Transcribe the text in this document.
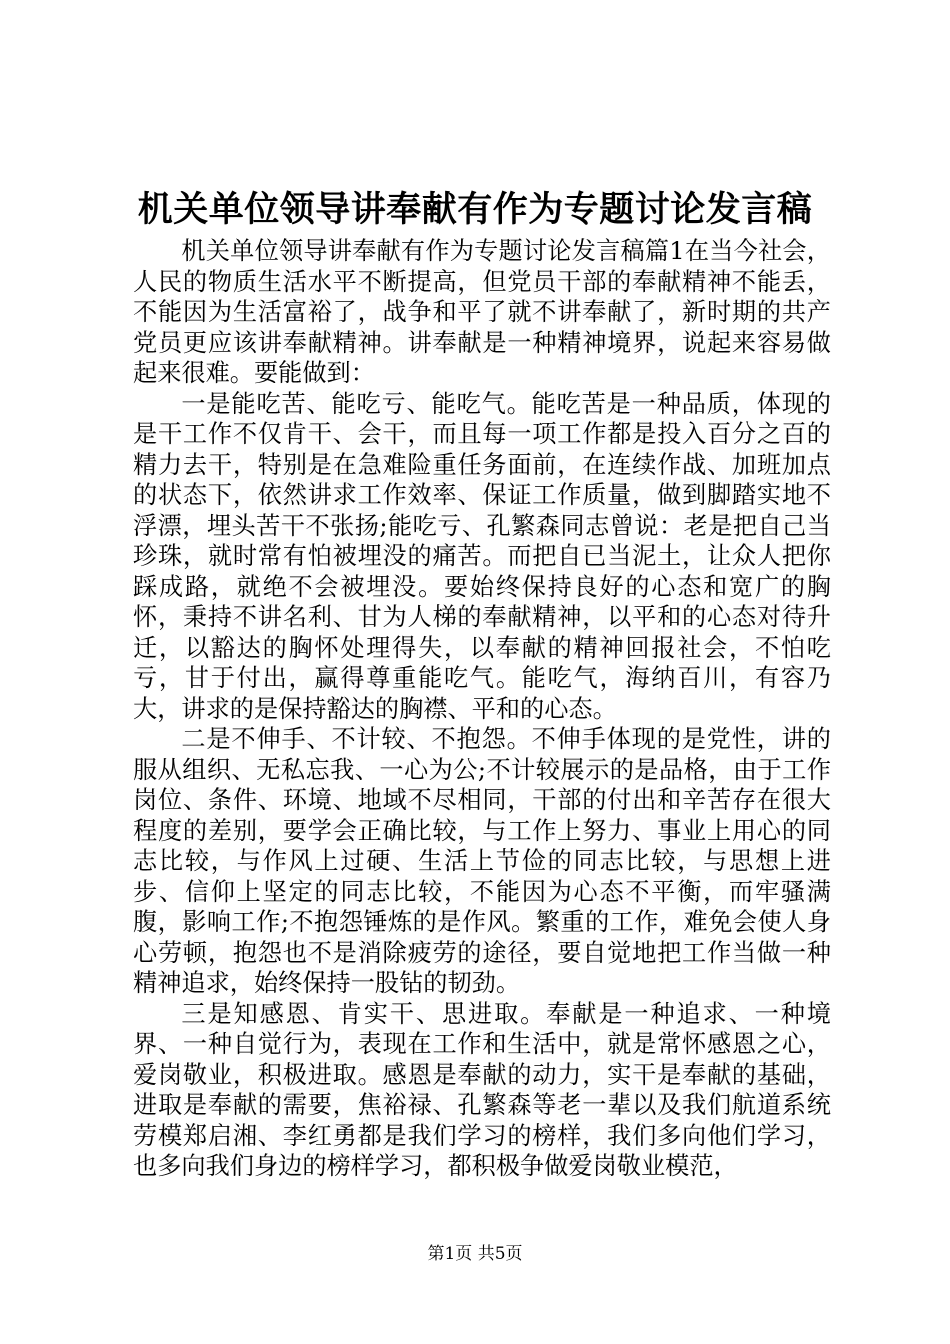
机关单位领导讲奉献有作为专题讨论发言稿

机关单位领导讲奉献有作为专题讨论发言稿篇1在当今社会，人民的物质生活水平不断提高，但党员干部的奉献精神不能丢，不能因为生活富裕了，战争和平了就不讲奉献了，新时期的共产党员更应该讲奉献精神。讲奉献是一种精神境界，说起来容易做起来很难。要能做到：

一是能吃苦、能吃亏、能吃气。能吃苦是一种品质，体现的是干工作不仅肯干、会干，而且每一项工作都是投入百分之百的精力去干，特别是在急难险重任务面前，在连续作战、加班加点的状态下，依然讲求工作效率、保证工作质量，做到脚踏实地不浮漂，埋头苦干不张扬;能吃亏、孔繁森同志曾说：老是把自己当珍珠，就时常有怕被埋没的痛苦。而把自已当泥土，让众人把你踩成路，就绝不会被埋没。要始终保持良好的心态和宽广的胸怀，秉持不讲名利、甘为人梯的奉献精神，以平和的心态对待升迁，以豁达的胸怀处理得失，以奉献的精神回报社会，不怕吃亏，甘于付出，赢得尊重能吃气。能吃气，海纳百川，有容乃大，讲求的是保持豁达的胸襟、平和的心态。

二是不伸手、不计较、不抱怨。不伸手体现的是党性，讲的服从组织、无私忘我、一心为公;不计较展示的是品格，由于工作岗位、条件、环境、地域不尽相同，干部的付出和辛苦存在很大程度的差别，要学会正确比较，与工作上努力、事业上用心的同志比较，与作风上过硬、生活上节俭的同志比较，与思想上进步、信仰上坚定的同志比较，不能因为心态不平衡，而牢骚满腹，影响工作;不抱怨锤炼的是作风。繁重的工作，难免会使人身心劳顿，抱怨也不是消除疲劳的途径，要自觉地把工作当做一种精神追求，始终保持一股钻的韧劲。

三是知感恩、肯实干、思进取。奉献是一种追求、一种境界、一种自觉行为，表现在工作和生活中，就是常怀感恩之心，爱岗敬业，积极进取。感恩是奉献的动力，实干是奉献的基础，进取是奉献的需要，焦裕禄、孔繁森等老一辈以及我们航道系统劳模郑启湘、李红勇都是我们学习的榜样，我们多向他们学习，也多向我们身边的榜样学习，都积极争做爱岗敬业模范，

第1页 共5页
